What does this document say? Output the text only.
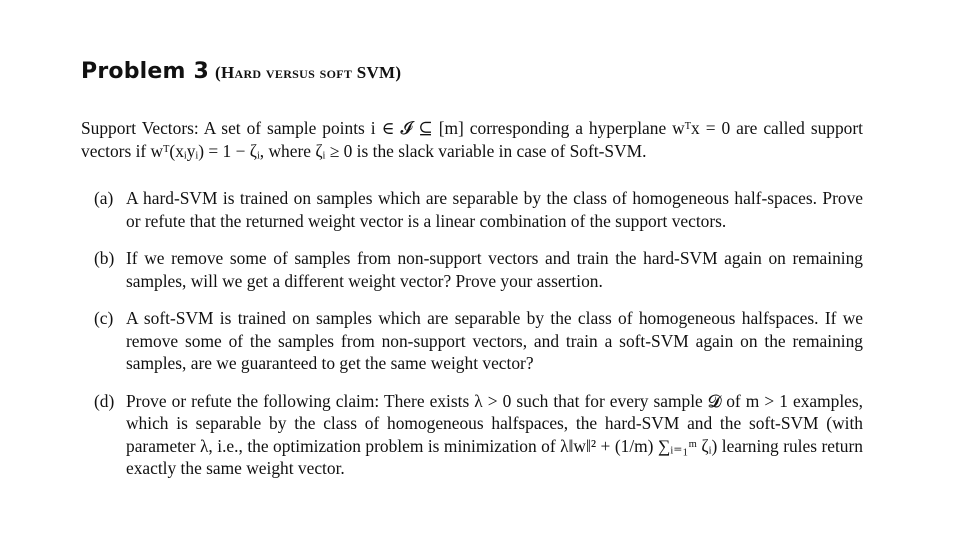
Problem 3 (Hard versus soft SVM)

Support Vectors: A set of sample points i ∈ 𝓘 ⊆ [m] corresponding a hyperplane wᵀx = 0 are called support vectors if wᵀ(xᵢyᵢ) = 1 − ζᵢ, where ζᵢ ≥ 0 is the slack variable in case of Soft-SVM.

(a) A hard-SVM is trained on samples which are separable by the class of homogeneous half-spaces. Prove or refute that the returned weight vector is a linear combination of the support vectors.
(b) If we remove some of samples from non-support vectors and train the hard-SVM again on remaining samples, will we get a different weight vector? Prove your assertion.
(c) A soft-SVM is trained on samples which are separable by the class of homogeneous halfspaces. If we remove some of the samples from non-support vectors, and train a soft-SVM again on the remaining samples, are we guaranteed to get the same weight vector?
(d) Prove or refute the following claim: There exists λ > 0 such that for every sample 𝓓 of m > 1 examples, which is separable by the class of homogeneous halfspaces, the hard-SVM and the soft-SVM (with parameter λ, i.e., the optimization problem is minimization of λ‖w‖² + (1/m) ∑ᵢ₌₁ᵐ ζᵢ) learning rules return exactly the same weight vector.
